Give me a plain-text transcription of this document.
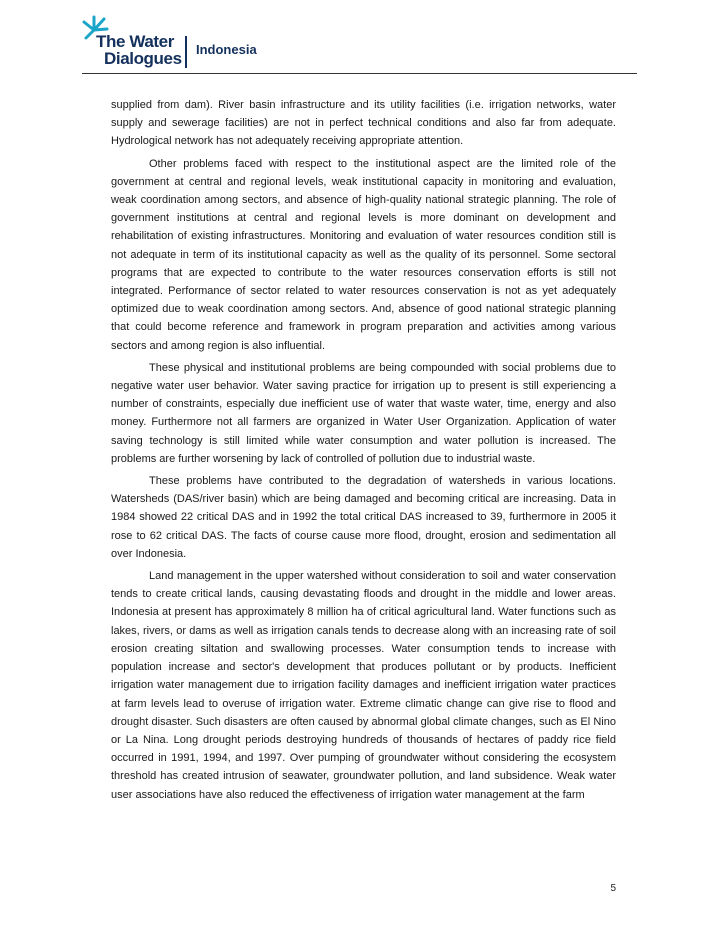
The Water
Dialogues Indonesia

supplied from dam). River basin infrastructure and its utility facilities (i.e. irrigation networks, water supply and sewerage facilities) are not in perfect technical conditions and also far from adequate. Hydrological network has not adequately receiving appropriate attention.

Other problems faced with respect to the institutional aspect are the limited role of the government at central and regional levels, weak institutional capacity in monitoring and evaluation, weak coordination among sectors, and absence of high-quality national strategic planning. The role of government institutions at central and regional levels is more dominant on development and rehabilitation of existing infrastructures. Monitoring and evaluation of water resources condition still is not adequate in term of its institutional capacity as well as the quality of its personnel. Some sectoral programs that are expected to contribute to the water resources conservation efforts is still not integrated. Performance of sector related to water resources conservation is not as yet adequately optimized due to weak coordination among sectors. And, absence of good national strategic planning that could become reference and framework in program preparation and activities among various sectors and among region is also influential.

These physical and institutional problems are being compounded with social problems due to negative water user behavior. Water saving practice for irrigation up to present is still experiencing a number of constraints, especially due inefficient use of water that waste water, time, energy and also money. Furthermore not all farmers are organized in Water User Organization. Application of water saving technology is still limited while water consumption and water pollution is increased. The problems are further worsening by lack of controlled of pollution due to industrial waste.

These problems have contributed to the degradation of watersheds in various locations. Watersheds (DAS/river basin) which are being damaged and becoming critical are increasing. Data in 1984 showed 22 critical DAS and in 1992 the total critical DAS increased to 39, furthermore in 2005 it rose to 62 critical DAS. The facts of course cause more flood, drought, erosion and sedimentation all over Indonesia.

Land management in the upper watershed without consideration to soil and water conservation tends to create critical lands, causing devastating floods and drought in the middle and lower areas. Indonesia at present has approximately 8 million ha of critical agricultural land. Water functions such as lakes, rivers, or dams as well as irrigation canals tends to decrease along with an increasing rate of soil erosion creating siltation and swallowing processes. Water consumption tends to increase with population increase and sector's development that produces pollutant or by products. Inefficient irrigation water management due to irrigation facility damages and inefficient irrigation water practices at farm levels lead to overuse of irrigation water. Extreme climatic change can give rise to flood and drought disaster. Such disasters are often caused by abnormal global climate changes, such as El Nino or La Nina. Long drought periods destroying hundreds of thousands of hectares of paddy rice field occurred in 1991, 1994, and 1997. Over pumping of groundwater without considering the ecosystem threshold has created intrusion of seawater, groundwater pollution, and land subsidence. Weak water user associations have also reduced the effectiveness of irrigation water management at the farm

5
